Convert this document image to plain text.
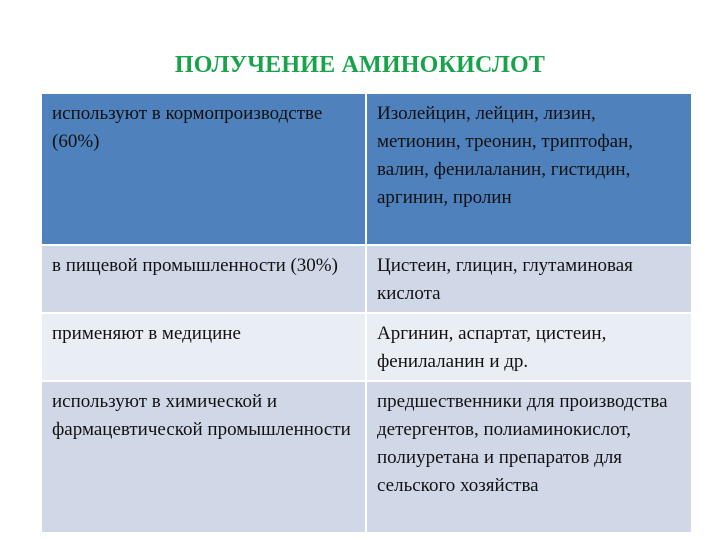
ПОЛУЧЕНИЕ АМИНОКИСЛОТ
используют в кормопроизводстве (60%)	Изолейцин, лейцин, лизин, метионин, треонин, триптофан, валин, фенилаланин, гистидин, аргинин, пролин
в пищевой промышленности (30%)	Цистеин, глицин, глутаминовая кислота
применяют в медицине	Аргинин, аспартат, цистеин, фенилаланин и др.
используют в химической и фармацевтической промышленности	предшественники для производства детергентов, полиаминокислот, полиуретана и препаратов для сельского хозяйства
